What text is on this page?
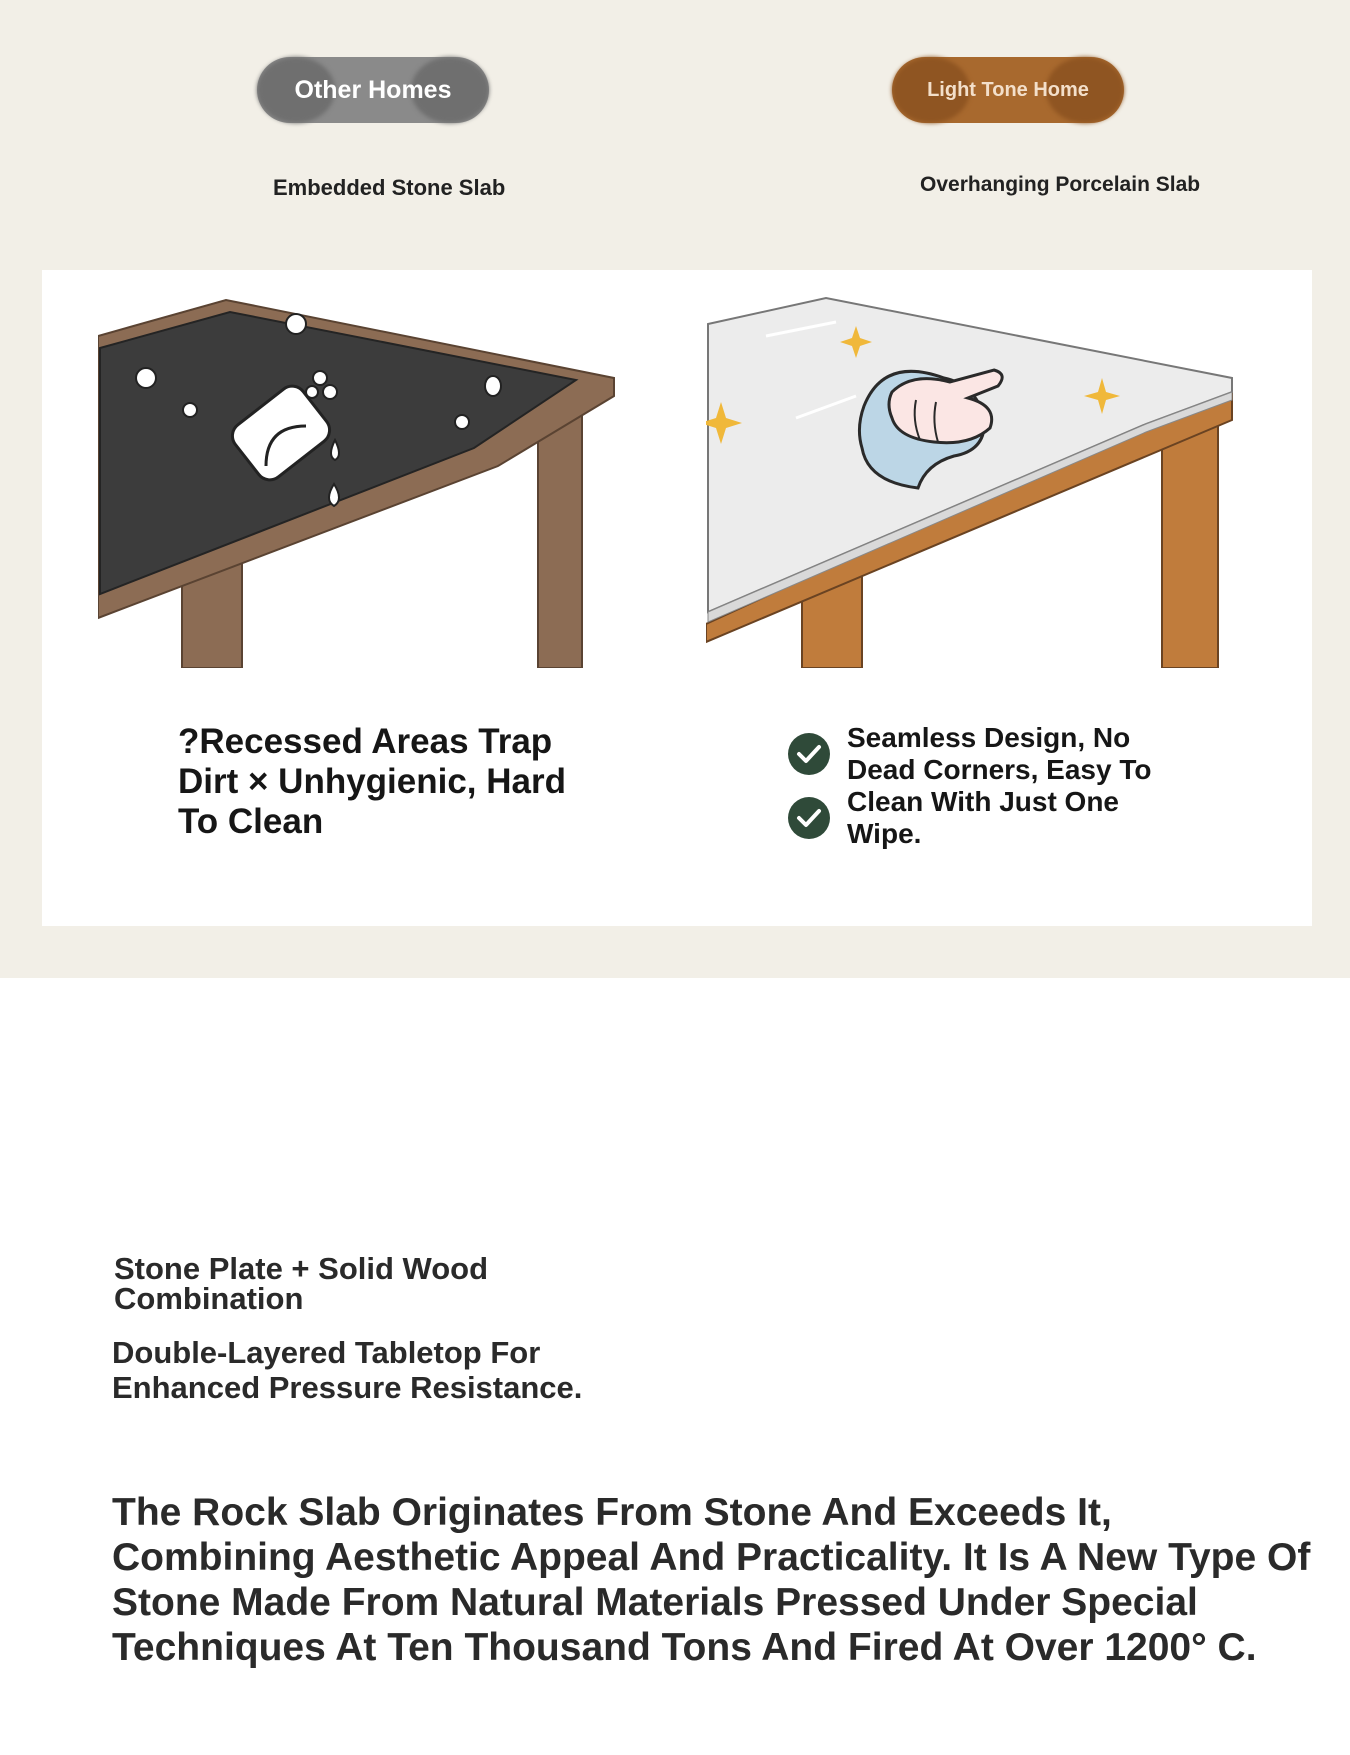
Other Homes	Light Tone Home
Embedded Stone Slab	Overhanging Porcelain Slab
?Recessed Areas Trap Dirt × Unhygienic, Hard To Clean
Seamless Design, No Dead Corners, Easy To Clean With Just One Wipe.
Stone Plate + Solid Wood Combination
Double-Layered Tabletop For Enhanced Pressure Resistance.
The Rock Slab Originates From Stone And Exceeds It, Combining Aesthetic Appeal And Practicality. It Is A New Type Of Stone Made From Natural Materials Pressed Under Special Techniques At Ten Thousand Tons And Fired At Over 1200° C.
